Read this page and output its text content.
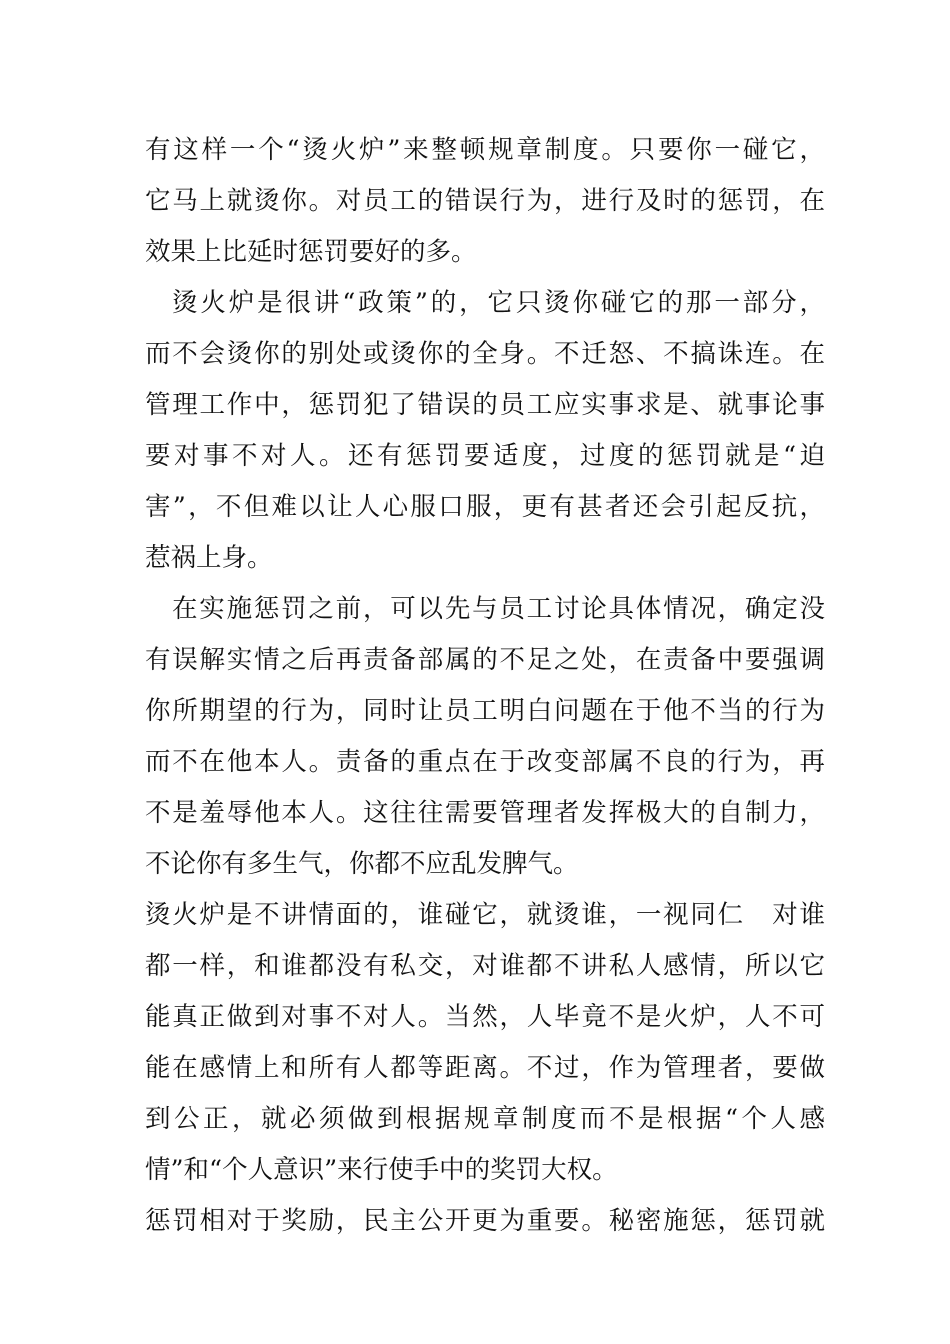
有这样一个“烫火炉”来整顿规章制度。只要你一碰它，
它马上就烫你。对员工的错误行为，进行及时的惩罚，在
效果上比延时惩罚要好的多。
烫火炉是很讲“政策”的，它只烫你碰它的那一部分，
而不会烫你的别处或烫你的全身。不迁怒、不搞诛连。在
管理工作中，惩罚犯了错误的员工应实事求是、就事论事
要对事不对人。还有惩罚要适度，过度的惩罚就是“迫
害”，不但难以让人心服口服，更有甚者还会引起反抗，
惹祸上身。
在实施惩罚之前，可以先与员工讨论具体情况，确定没
有误解实情之后再责备部属的不足之处，在责备中要强调
你所期望的行为，同时让员工明白问题在于他不当的行为
而不在他本人。责备的重点在于改变部属不良的行为，再
不是羞辱他本人。这往往需要管理者发挥极大的自制力，
不论你有多生气，你都不应乱发脾气。
烫火炉是不讲情面的，谁碰它，就烫谁，一视同仁　对谁
都一样，和谁都没有私交，对谁都不讲私人感情，所以它
能真正做到对事不对人。当然，人毕竟不是火炉，人不可
能在感情上和所有人都等距离。不过，作为管理者，要做
到公正，就必须做到根据规章制度而不是根据“个人感
情”和“个人意识”来行使手中的奖罚大权。
惩罚相对于奖励，民主公开更为重要。秘密施惩，惩罚就
